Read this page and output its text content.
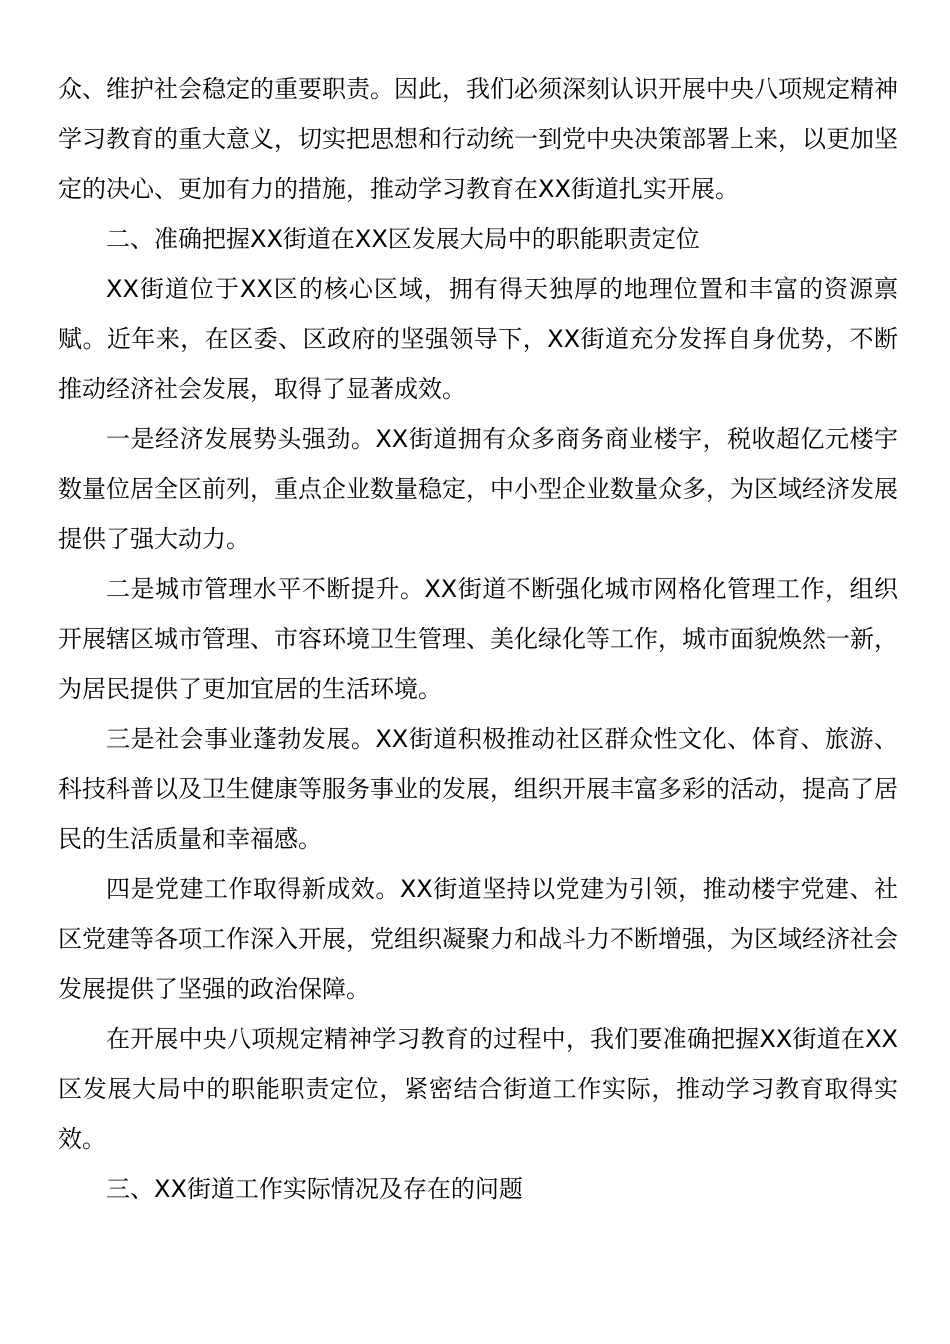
众、维护社会稳定的重要职责。因此，我们必须深刻认识开展中央八项规定精神学习教育的重大意义，切实把思想和行动统一到党中央决策部署上来，以更加坚定的决心、更加有力的措施，推动学习教育在XX街道扎实开展。

二、准确把握XX街道在XX区发展大局中的职能职责定位

XX街道位于XX区的核心区域，拥有得天独厚的地理位置和丰富的资源禀赋。近年来，在区委、区政府的坚强领导下，XX街道充分发挥自身优势，不断推动经济社会发展，取得了显著成效。

一是经济发展势头强劲。XX街道拥有众多商务商业楼宇，税收超亿元楼宇数量位居全区前列，重点企业数量稳定，中小型企业数量众多，为区域经济发展提供了强大动力。

二是城市管理水平不断提升。XX街道不断强化城市网格化管理工作，组织开展辖区城市管理、市容环境卫生管理、美化绿化等工作，城市面貌焕然一新，为居民提供了更加宜居的生活环境。

三是社会事业蓬勃发展。XX街道积极推动社区群众性文化、体育、旅游、科技科普以及卫生健康等服务事业的发展，组织开展丰富多彩的活动，提高了居民的生活质量和幸福感。

四是党建工作取得新成效。XX街道坚持以党建为引领，推动楼宇党建、社区党建等各项工作深入开展，党组织凝聚力和战斗力不断增强，为区域经济社会发展提供了坚强的政治保障。

在开展中央八项规定精神学习教育的过程中，我们要准确把握XX街道在XX区发展大局中的职能职责定位，紧密结合街道工作实际，推动学习教育取得实效。

三、XX街道工作实际情况及存在的问题
